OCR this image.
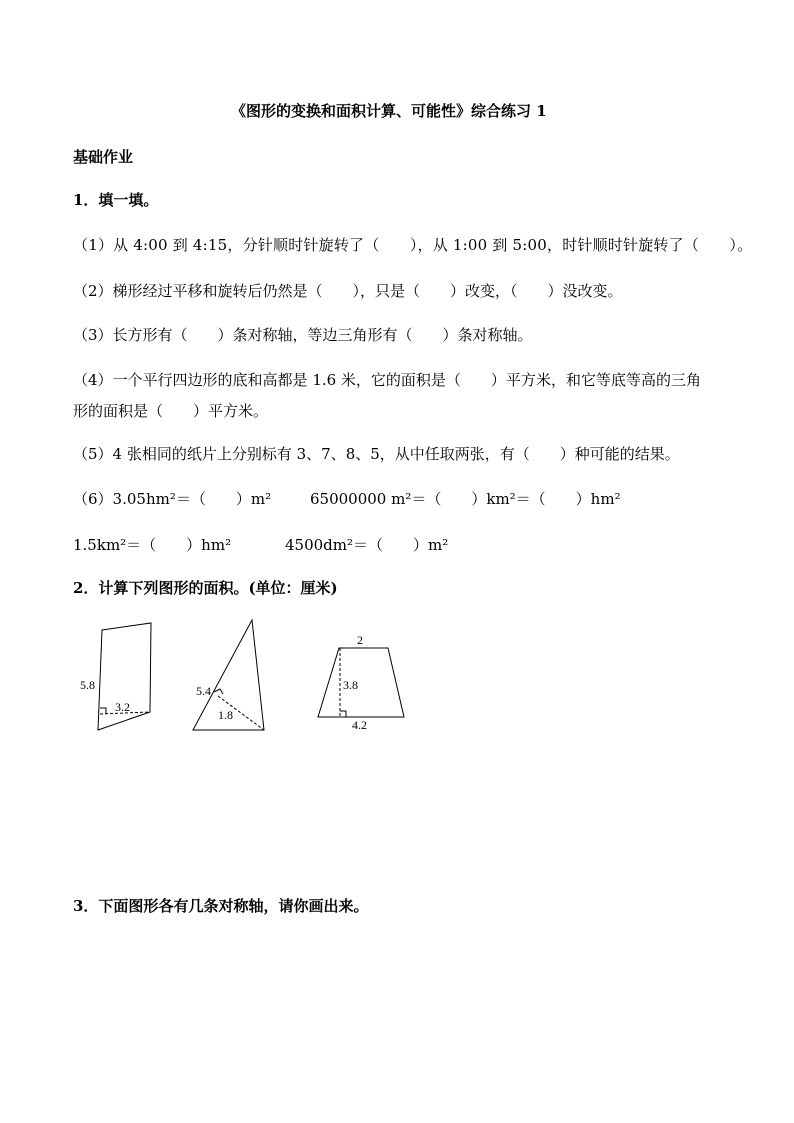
《图形的变换和面积计算、可能性》综合练习 1
基础作业
1．填一填。
（1）从 4:00 到 4:15，分针顺时针旋转了（　　），从 1:00 到 5:00，时针顺时针旋转了（　　）。
（2）梯形经过平移和旋转后仍然是（　　），只是（　　）改变，（　　）没改变。
（3）长方形有（　　）条对称轴，等边三角形有（　　）条对称轴。
（4）一个平行四边形的底和高都是 1.6 米，它的面积是（　　）平方米，和它等底等高的三角
形的面积是（　　）平方米。
（5）4 张相同的纸片上分别标有 3、7、8、5，从中任取两张，有（　　）种可能的结果。
（6）3.05hm²＝（　　）m²	65000000 m²＝（　　）km²＝（　　）hm²
1.5km²＝（　　）hm²	4500dm²＝（　　）m²
2．计算下列图形的面积。(单位：厘米)
5.8
3.2
5.4
1.8
2
3.8
4.2
3．下面图形各有几条对称轴，请你画出来。
